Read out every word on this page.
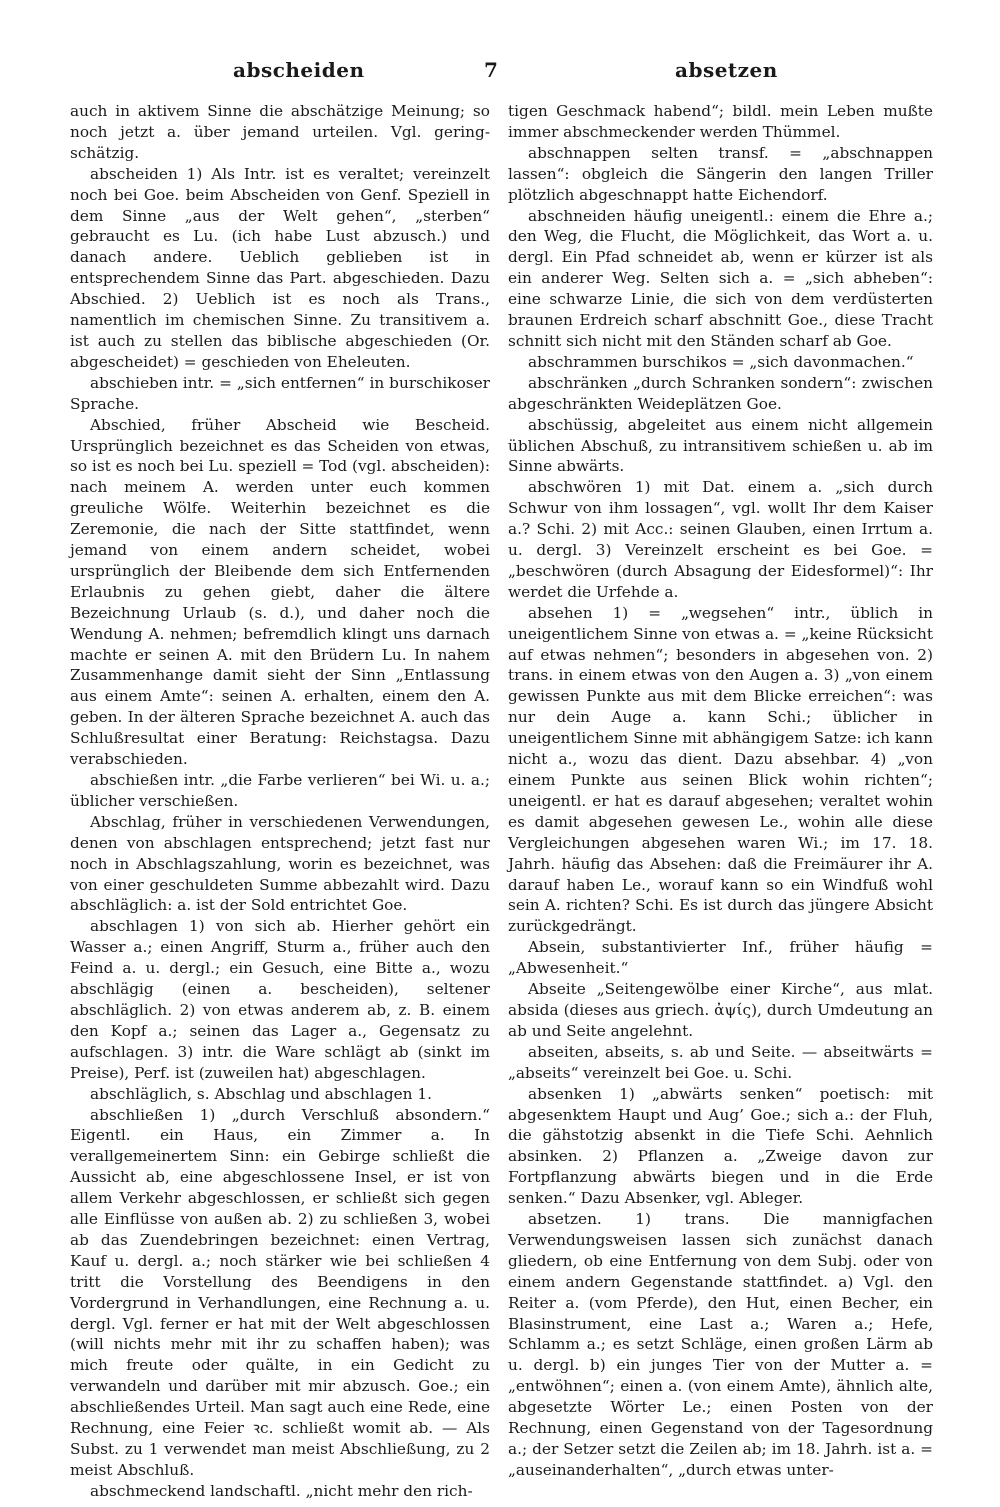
abscheiden	7	absetzen

auch in aktivem Sinne die abschätzige Meinung; so noch jetzt a. über jemand urteilen. Vgl. gering-schätzig.

abscheiden 1) Als Intr. ist es veraltet; vereinzelt noch bei Goe. beim Abscheiden von Genf. Speziell in dem Sinne „aus der Welt gehen“, „sterben“ gebraucht es Lu. (ich habe Lust abzusch.) und danach andere. Ueblich geblieben ist in entsprechendem Sinne das Part. abgeschieden. Dazu Abschied. 2) Ueblich ist es noch als Trans., namentlich im chemischen Sinne. Zu transitivem a. ist auch zu stellen das biblische abgeschieden (Or. abgescheidet) = geschieden von Eheleuten.

abschieben intr. = „sich entfernen“ in burschikoser Sprache.

Abschied, früher Abscheid wie Bescheid. Ursprünglich bezeichnet es das Scheiden von etwas, so ist es noch bei Lu. speziell = Tod (vgl. abscheiden): nach meinem A. werden unter euch kommen greuliche Wölfe. Weiterhin bezeichnet es die Zeremonie, die nach der Sitte stattfindet, wenn jemand von einem andern scheidet, wobei ursprünglich der Bleibende dem sich Entfernenden Erlaubnis zu gehen giebt, daher die ältere Bezeichnung Urlaub (s. d.), und daher noch die Wendung A. nehmen; befremdlich klingt uns darnach machte er seinen A. mit den Brüdern Lu. In nahem Zusammenhange damit sieht der Sinn „Entlassung aus einem Amte“: seinen A. erhalten, einem den A. geben. In der älteren Sprache bezeichnet A. auch das Schlußresultat einer Beratung: Reichstagsa. Dazu verabschieden.

abschießen intr. „die Farbe verlieren“ bei Wi. u. a.; üblicher verschießen.

Abschlag, früher in verschiedenen Verwendungen, denen von abschlagen entsprechend; jetzt fast nur noch in Abschlagszahlung, worin es bezeichnet, was von einer geschuldeten Summe abbezahlt wird. Dazu abschläglich: a. ist der Sold entrichtet Goe.

abschlagen 1) von sich ab. Hierher gehört ein Wasser a.; einen Angriff, Sturm a., früher auch den Feind a. u. dergl.; ein Gesuch, eine Bitte a., wozu abschlägig (einen a. bescheiden), seltener abschläglich. 2) von etwas anderem ab, z. B. einem den Kopf a.; seinen das Lager a., Gegensatz zu aufschlagen. 3) intr. die Ware schlägt ab (sinkt im Preise), Perf. ist (zuweilen hat) abgeschlagen.

abschläglich, s. Abschlag und abschlagen 1.

abschließen 1) „durch Verschluß absondern.“ Eigentl. ein Haus, ein Zimmer a. In verallgemeinertem Sinn: ein Gebirge schließt die Aussicht ab, eine abgeschlossene Insel, er ist von allem Verkehr abgeschlossen, er schließt sich gegen alle Einflüsse von außen ab. 2) zu schließen 3, wobei ab das Zuendebringen bezeichnet: einen Vertrag, Kauf u. dergl. a.; noch stärker wie bei schließen 4 tritt die Vorstellung des Beendigens in den Vordergrund in Verhandlungen, eine Rechnung a. u. dergl. Vgl. ferner er hat mit der Welt abgeschlossen (will nichts mehr mit ihr zu schaffen haben); was mich freute oder quälte, in ein Gedicht zu verwandeln und darüber mit mir abzusch. Goe.; ein abschließendes Urteil. Man sagt auch eine Rede, eine Rechnung, eine Feier ꝛc. schließt womit ab. — Als Subst. zu 1 verwendet man meist Abschließung, zu 2 meist Abschluß.

abschmeckend landschaftl. „nicht mehr den rich-

tigen Geschmack habend“; bildl. mein Leben mußte immer abschmeckender werden Thümmel.

abschnappen selten transf. = „abschnappen lassen“: obgleich die Sängerin den langen Triller plötzlich abgeschnappt hatte Eichendorf.

abschneiden häufig uneigentl.: einem die Ehre a.; den Weg, die Flucht, die Möglichkeit, das Wort a. u. dergl. Ein Pfad schneidet ab, wenn er kürzer ist als ein anderer Weg. Selten sich a. = „sich abheben“: eine schwarze Linie, die sich von dem verdüsterten braunen Erdreich scharf abschnitt Goe., diese Tracht schnitt sich nicht mit den Ständen scharf ab Goe.

abschrammen burschikos = „sich davonmachen.“

abschränken „durch Schranken sondern“: zwischen abgeschränkten Weideplätzen Goe.

abschüssig, abgeleitet aus einem nicht allgemein üblichen Abschuß, zu intransitivem schießen u. ab im Sinne abwärts.

abschwören 1) mit Dat. einem a. „sich durch Schwur von ihm lossagen“, vgl. wollt Ihr dem Kaiser a.? Schi. 2) mit Acc.: seinen Glauben, einen Irrtum a. u. dergl. 3) Vereinzelt erscheint es bei Goe. = „beschwören (durch Absagung der Eidesformel)“: Ihr werdet die Urfehde a.

absehen 1) = „wegsehen“ intr., üblich in uneigentlichem Sinne von etwas a. = „keine Rücksicht auf etwas nehmen“; besonders in abgesehen von. 2) trans. in einem etwas von den Augen a. 3) „von einem gewissen Punkte aus mit dem Blicke erreichen“: was nur dein Auge a. kann Schi.; üblicher in uneigentlichem Sinne mit abhängigem Satze: ich kann nicht a., wozu das dient. Dazu absehbar. 4) „von einem Punkte aus seinen Blick wohin richten“; uneigentl. er hat es darauf abgesehen; veraltet wohin es damit abgesehen gewesen Le., wohin alle diese Vergleichungen abgesehen waren Wi.; im 17. 18. Jahrh. häufig das Absehen: daß die Freimäurer ihr A. darauf haben Le., worauf kann so ein Windfuß wohl sein A. richten? Schi. Es ist durch das jüngere Absicht zurückgedrängt.

Absein, substantivierter Inf., früher häufig = „Abwesenheit.“

Abseite „Seitengewölbe einer Kirche“, aus mlat. absida (dieses aus griech. ἀψίς), durch Umdeutung an ab und Seite angelehnt.

abseiten, abseits, s. ab und Seite. — abseitwärts = „abseits“ vereinzelt bei Goe. u. Schi.

absenken 1) „abwärts senken“ poetisch: mit abgesenktem Haupt und Aug’ Goe.; sich a.: der Fluh, die gähstotzig absenkt in die Tiefe Schi. Aehnlich absinken. 2) Pflanzen a. „Zweige davon zur Fortpflanzung abwärts biegen und in die Erde senken.“ Dazu Absenker, vgl. Ableger.

absetzen. 1) trans. Die mannigfachen Verwendungsweisen lassen sich zunächst danach gliedern, ob eine Entfernung von dem Subj. oder von einem andern Gegenstande stattfindet. a) Vgl. den Reiter a. (vom Pferde), den Hut, einen Becher, ein Blasinstrument, eine Last a.; Waren a.; Hefe, Schlamm a.; es setzt Schläge, einen großen Lärm ab u. dergl. b) ein junges Tier von der Mutter a. = „entwöhnen“; einen a. (von einem Amte), ähnlich alte, abgesetzte Wörter Le.; einen Posten von der Rechnung, einen Gegenstand von der Tagesordnung a.; der Setzer setzt die Zeilen ab; im 18. Jahrh. ist a. = „auseinanderhalten“, „durch etwas unter-
